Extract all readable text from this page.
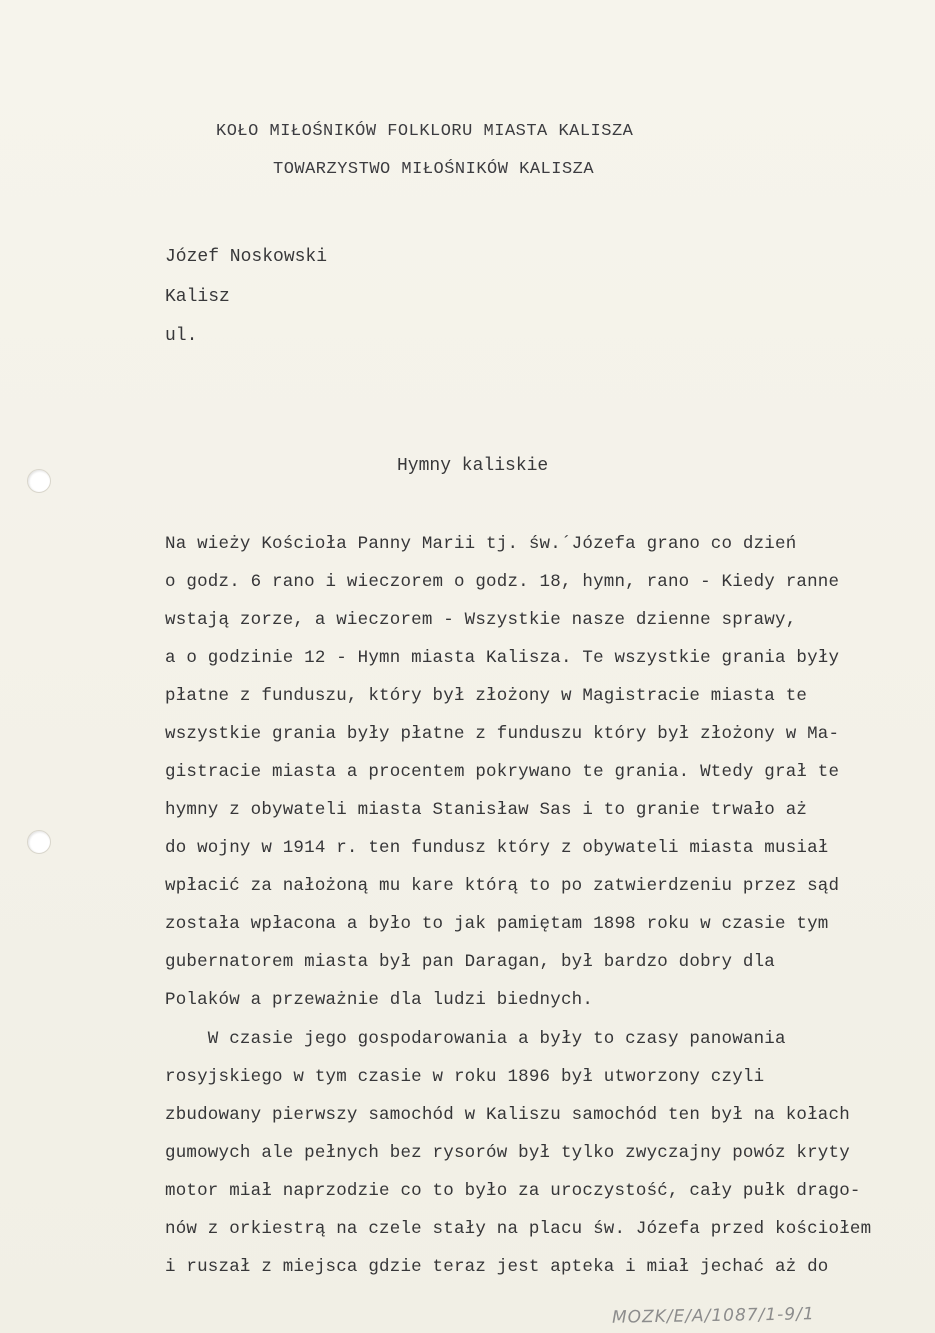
KOŁO MIŁOŚNIKÓW FOLKLORU MIASTA KALISZA
TOWARZYSTWO MIŁOŚNIKÓW KALISZA
Józef Noskowski
Kalisz
ul.
Hymny kaliskie
Na wieży Kościoła Panny Marii tj. św.´Józefa grano co dzień
o godz. 6 rano i wieczorem o godz. 18, hymn, rano - Kiedy ranne
wstają zorze, a wieczorem - Wszystkie nasze dzienne sprawy,
a o godzinie 12 - Hymn miasta Kalisza. Te wszystkie grania były
płatne z funduszu, który był złożony w Magistracie miasta te
wszystkie grania były płatne z funduszu który był złożony w Ma-
gistracie miasta a procentem pokrywano te grania. Wtedy grał te
hymny z obywateli miasta Stanisław Sas i to granie trwało aż
do wojny w 1914 r. ten fundusz który z obywateli miasta musiał
wpłacić za nałożoną mu kare którą to po zatwierdzeniu przez sąd
została wpłacona a było to jak pamiętam 1898 roku w czasie tym
gubernatorem miasta był pan Daragan, był bardzo dobry dla
Polaków a przeważnie dla ludzi biednych.
W czasie jego gospodarowania a były to czasy panowania
rosyjskiego w tym czasie w roku 1896 był utworzony czyli
zbudowany pierwszy samochód w Kaliszu samochód ten był na kołach
gumowych ale pełnych bez rysorów był tylko zwyczajny powóz kryty
motor miał naprzodzie co to było za uroczystość, cały pułk drago-
nów z orkiestrą na czele stały na placu św. Józefa przed kościołem
i ruszał z miejsca gdzie teraz jest apteka i miał jechać aż do
MOZK/E/A/1087/1-9/1
